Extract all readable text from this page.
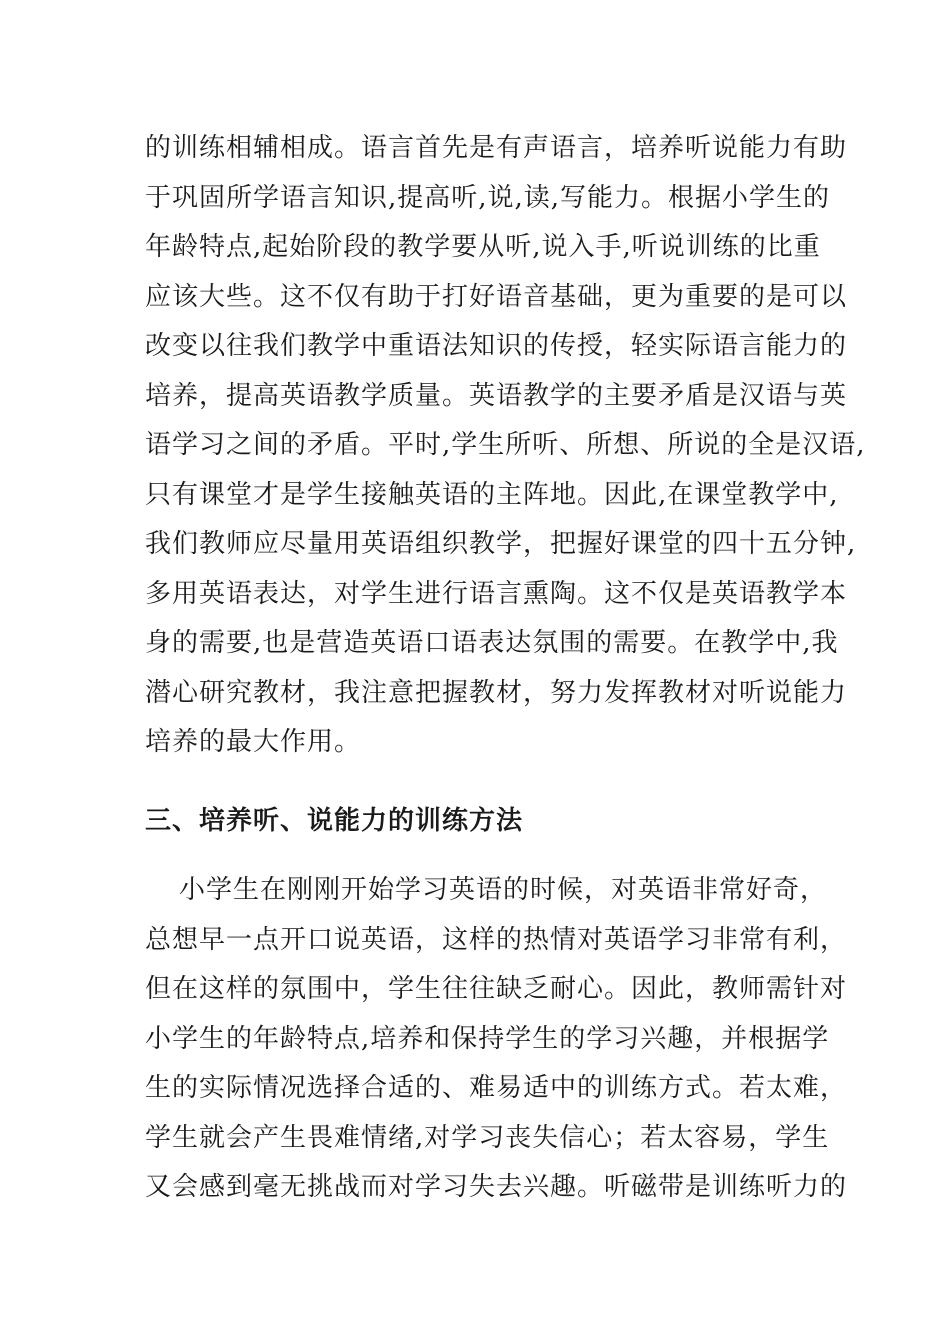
的训练相辅相成。语言首先是有声语言，培养听说能力有助
于巩固所学语言知识,提高听,说,读,写能力。根据小学生的
年龄特点,起始阶段的教学要从听,说入手,听说训练的比重
应该大些。这不仅有助于打好语音基础，更为重要的是可以
改变以往我们教学中重语法知识的传授，轻实际语言能力的
培养，提高英语教学质量。英语教学的主要矛盾是汉语与英
语学习之间的矛盾。平时,学生所听、所想、所说的全是汉语,
只有课堂才是学生接触英语的主阵地。因此,在课堂教学中,
我们教师应尽量用英语组织教学，把握好课堂的四十五分钟,
多用英语表达，对学生进行语言熏陶。这不仅是英语教学本
身的需要,也是营造英语口语表达氛围的需要。在教学中,我
潜心研究教材，我注意把握教材，努力发挥教材对听说能力
培养的最大作用。
三、培养听、说能力的训练方法
小学生在刚刚开始学习英语的时候，对英语非常好奇，
总想早一点开口说英语，这样的热情对英语学习非常有利，
但在这样的氛围中，学生往往缺乏耐心。因此，教师需针对
小学生的年龄特点,培养和保持学生的学习兴趣，并根据学
生的实际情况选择合适的、难易适中的训练方式。若太难，
学生就会产生畏难情绪,对学习丧失信心；若太容易，学生
又会感到毫无挑战而对学习失去兴趣。听磁带是训练听力的
